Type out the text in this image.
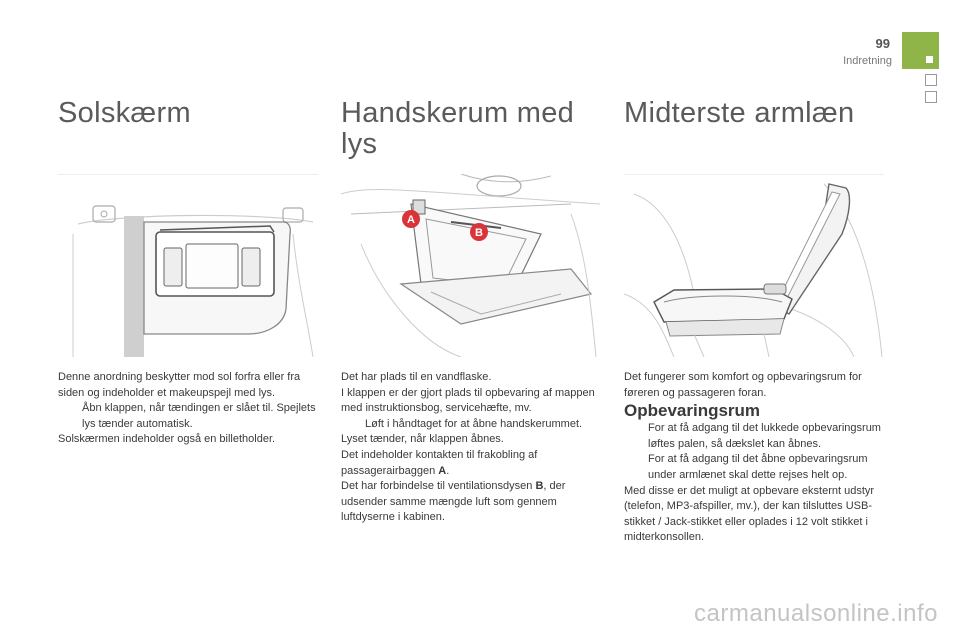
99
Indretning
Solskærm	Handskerum med lys
Midterste armlæn
A
B

Denne anordning beskytter mod sol forfra eller fra siden og indeholder et makeupspejl med lys.

Åbn klappen, når tændingen er slået til. Spejlets lys tænder automatisk.

Solskærmen indeholder også en billetholder.

Det har plads til en vandflaske.

I klappen er der gjort plads til opbevaring af mappen med instruktionsbog, servicehæfte, mv.

Løft i håndtaget for at åbne handskerummet.

Lyset tænder, når klappen åbnes.

Det indeholder kontakten til frakobling af passagerairbaggen A.

Det har forbindelse til ventilationsdysen B, der udsender samme mængde luft som gennem luftdyserne i kabinen.

Det fungerer som komfort og opbevaringsrum for føreren og passageren foran.

Opbevaringsrum

For at få adgang til det lukkede opbevaringsrum løftes palen, så dækslet kan åbnes.

For at få adgang til det åbne opbevaringsrum under armlænet skal dette rejses helt op.

Med disse er det muligt at opbevare eksternt udstyr (telefon, MP3-afspiller, mv.), der kan tilsluttes USB-stikket / Jack-stikket eller oplades i 12 volt stikket i midterkonsollen.

carmanualsonline.info
